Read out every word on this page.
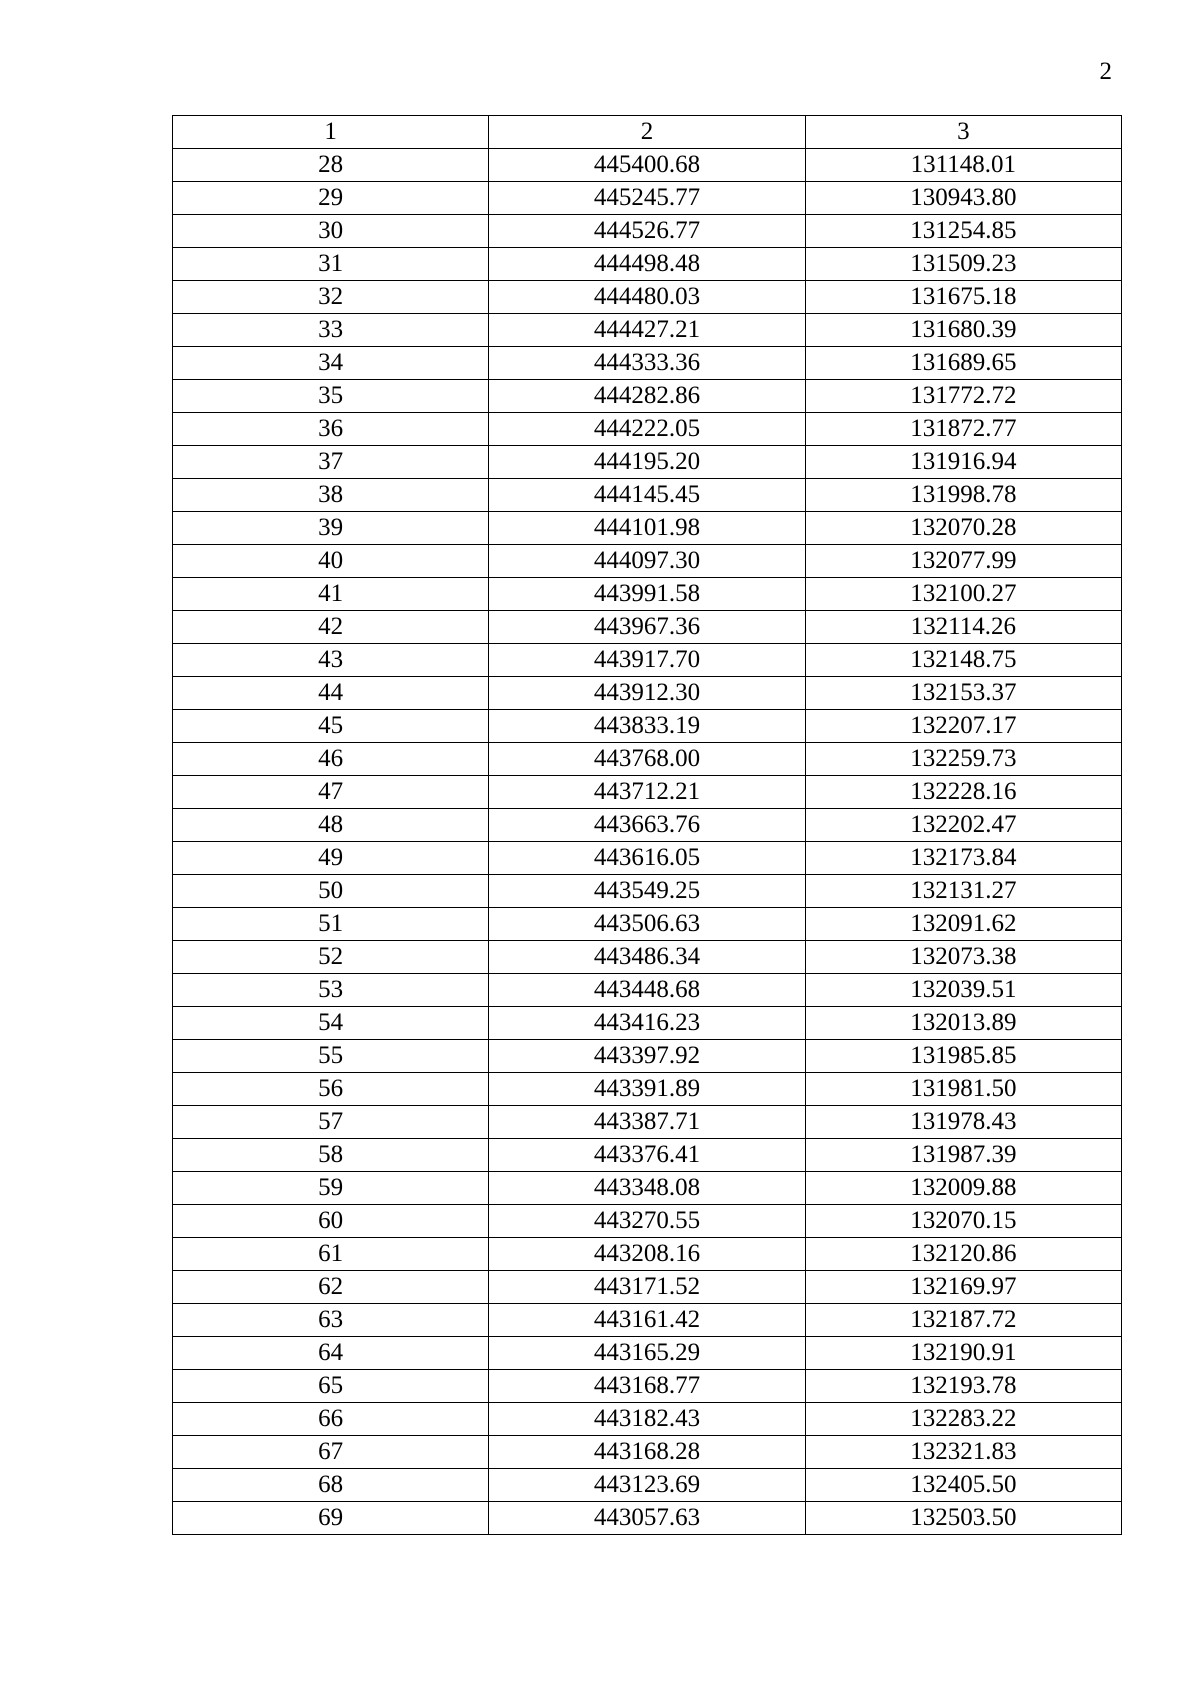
2
1	2	3
28	445400.68	131148.01
29	445245.77	130943.80
30	444526.77	131254.85
31	444498.48	131509.23
32	444480.03	131675.18
33	444427.21	131680.39
34	444333.36	131689.65
35	444282.86	131772.72
36	444222.05	131872.77
37	444195.20	131916.94
38	444145.45	131998.78
39	444101.98	132070.28
40	444097.30	132077.99
41	443991.58	132100.27
42	443967.36	132114.26
43	443917.70	132148.75
44	443912.30	132153.37
45	443833.19	132207.17
46	443768.00	132259.73
47	443712.21	132228.16
48	443663.76	132202.47
49	443616.05	132173.84
50	443549.25	132131.27
51	443506.63	132091.62
52	443486.34	132073.38
53	443448.68	132039.51
54	443416.23	132013.89
55	443397.92	131985.85
56	443391.89	131981.50
57	443387.71	131978.43
58	443376.41	131987.39
59	443348.08	132009.88
60	443270.55	132070.15
61	443208.16	132120.86
62	443171.52	132169.97
63	443161.42	132187.72
64	443165.29	132190.91
65	443168.77	132193.78
66	443182.43	132283.22
67	443168.28	132321.83
68	443123.69	132405.50
69	443057.63	132503.50
